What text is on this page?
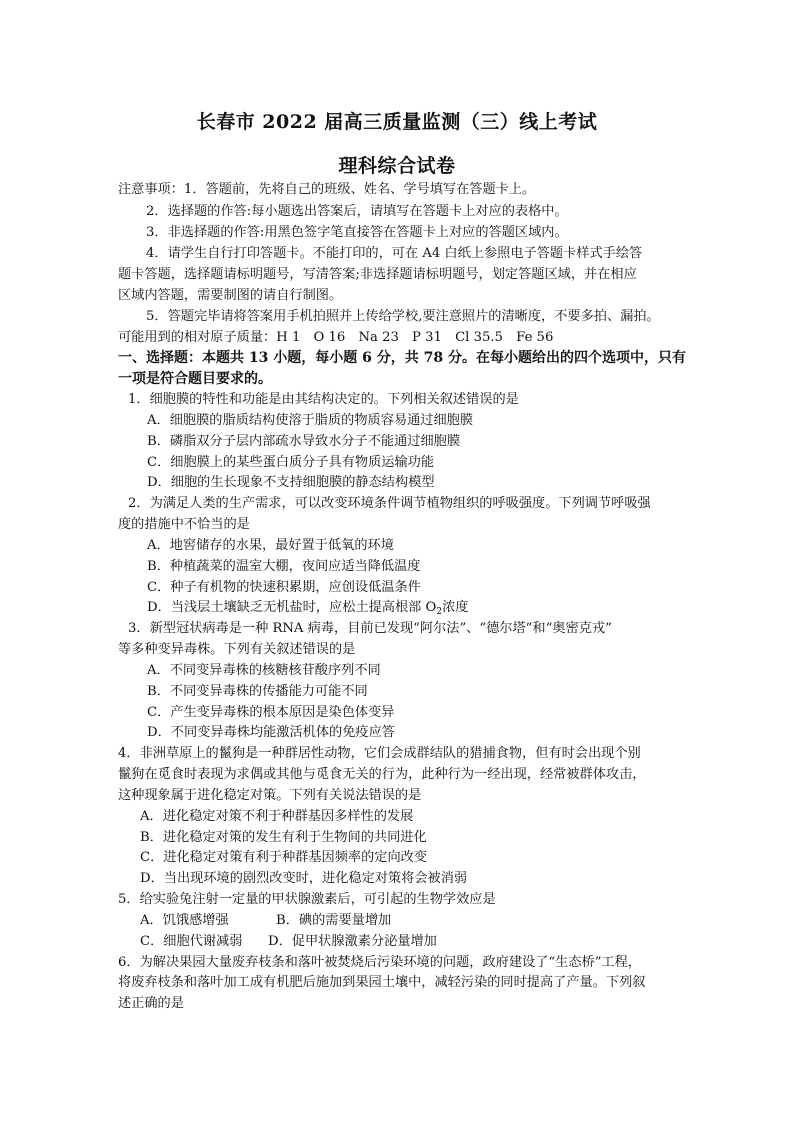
长春市 2022 届高三质量监测（三）线上考试
理科综合试卷
注意事项：1．答题前，先将自己的班级、姓名、学号填写在答题卡上。
2．选择题的作答:每小题选出答案后，请填写在答题卡上对应的表格中。
3．非选择题的作答:用黑色签字笔直接答在答题卡上对应的答题区域内。
4．请学生自行打印答题卡。不能打印的，可在 A4 白纸上参照电子答题卡样式手绘答
题卡答题，选择题请标明题号，写清答案;非选择题请标明题号，划定答题区域，并在相应
区域内答题，需要制图的请自行制图。
5．答题完毕请将答案用手机拍照并上传给学校,要注意照片的清晰度，不要多拍、漏拍。
可能用到的相对原子质量：H 1　O 16　Na 23　P 31　Cl 35.5　Fe 56
一、选择题：本题共 13 小题，每小题 6 分，共 78 分。在每小题给出的四个选项中，只有
一项是符合题目要求的。
1．细胞膜的特性和功能是由其结构决定的。下列相关叙述错误的是
A．细胞膜的脂质结构使溶于脂质的物质容易通过细胞膜
B．磷脂双分子层内部疏水导致水分子不能通过细胞膜
C．细胞膜上的某些蛋白质分子具有物质运输功能
D．细胞的生长现象不支持细胞膜的静态结构模型
2．为满足人类的生产需求，可以改变环境条件调节植物组织的呼吸强度。下列调节呼吸强
度的措施中不恰当的是
A．地窖储存的水果，最好置于低氧的环境
B．种植蔬菜的温室大棚，夜间应适当降低温度
C．种子有机物的快速积累期，应创设低温条件
D．当浅层土壤缺乏无机盐时，应松土提高根部 $O_2$浓度
3．新型冠状病毒是一种 RNA 病毒，目前已发现“阿尔法”、“德尔塔”和“奥密克戎”
等多种变异毒株。下列有关叙述错误的是
A．不同变异毒株的核糖核苷酸序列不同
B．不同变异毒株的传播能力可能不同
C．产生变异毒株的根本原因是染色体变异
D．不同变异毒株均能激活机体的免疫应答
4．非洲草原上的鬣狗是一种群居性动物，它们会成群结队的猎捕食物，但有时会出现个别
鬣狗在觅食时表现为求偶或其他与觅食无关的行为，此种行为一经出现，经常被群体攻击，
这种现象属于进化稳定对策。下列有关说法错误的是
A．进化稳定对策不利于种群基因多样性的发展
B．进化稳定对策的发生有利于生物间的共同进化
C．进化稳定对策有利于种群基因频率的定向改变
D．当出现环境的剧烈改变时，进化稳定对策将会被消弱
5．给实验兔注射一定量的甲状腺激素后，可引起的生物学效应是
A．饥饿感增强	B．碘的需要量增加
C．细胞代谢减弱 D．促甲状腺激素分泌量增加
6．为解决果园大量废弃枝条和落叶被焚烧后污染环境的问题，政府建设了“生态桥”工程，
将废弃枝条和落叶加工成有机肥后施加到果园土壤中，减轻污染的同时提高了产量。下列叙
述正确的是
